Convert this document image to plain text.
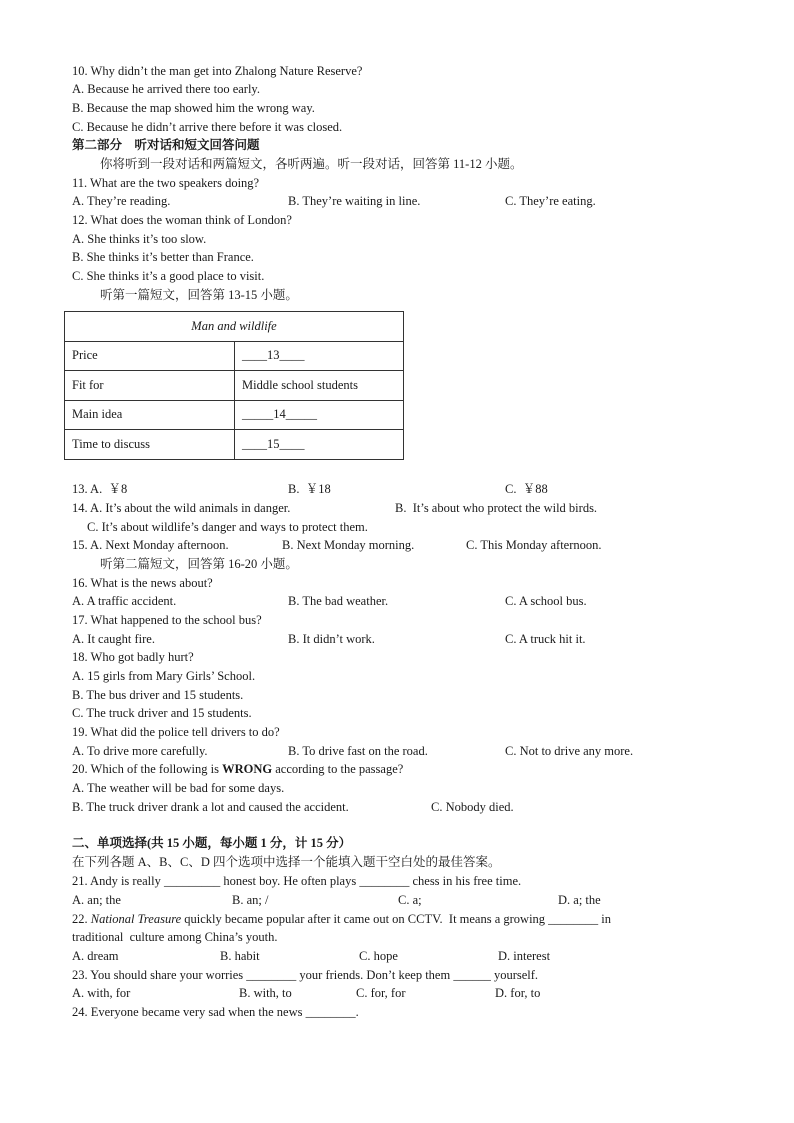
10. Why didn’t the man get into Zhalong Nature Reserve?
A. Because he arrived there too early.
B. Because the map showed him the wrong way.
C. Because he didn’t arrive there before it was closed.
第二部分　听对话和短文回答问题
你将听到一段对话和两篇短文，各听两遍。听一段对话，回答第 11-12 小题。
11. What are the two speakers doing?
A. They’re reading.	B. They’re waiting in line.	C. They’re eating.
12. What does the woman think of London?
A. She thinks it’s too slow.
B. She thinks it’s better than France.
C. She thinks it’s a good place to visit.
听第一篇短文，回答第 13-15 小题。
Man and wildlife	
Price	____13____
Fit for	Middle school students
Main idea	_____14_____
Time to discuss	____15____
13. A.  ￥8	B.  ￥18	C.  ￥88
14. A. It’s about the wild animals in danger.	B.  It’s about who protect the wild birds.
C. It’s about wildlife’s danger and ways to protect them.
15. A. Next Monday afternoon.	B. Next Monday morning.	C. This Monday afternoon.
听第二篇短文，回答第 16-20 小题。
16. What is the news about?
A. A traffic accident.	B. The bad weather.	C. A school bus.
17. What happened to the school bus?
A. It caught fire.	B. It didn’t work.	C. A truck hit it.
18. Who got badly hurt?
A. 15 girls from Mary Girls’ School.
B. The bus driver and 15 students.
C. The truck driver and 15 students.
19. What did the police tell drivers to do?
A. To drive more carefully.	B. To drive fast on the road.	C. Not to drive any more.
20. Which of the following is WRONG according to the passage?
A. The weather will be bad for some days.
B. The truck driver drank a lot and caused the accident.	C. Nobody died.
二、单项选择(共 15 小题，每小题 1 分，计 15 分）
在下列各题 A、B、C、D 四个选项中选择一个能填入题干空白处的最佳答案。
21. Andy is really _________ honest boy. He often plays ________ chess in his free time.
A. an; the	B. an; /	C. a;	D. a; the
22. National Treasure quickly became popular after it came out on CCTV.  It means a growing ________ in
traditional  culture among China’s youth.
A. dream	B. habit	C. hope	D. interest
23. You should share your worries ________ your friends. Don’t keep them ______ yourself.
A. with, for	B. with, to	C. for, for	D. for, to
24. Everyone became very sad when the news ________.
